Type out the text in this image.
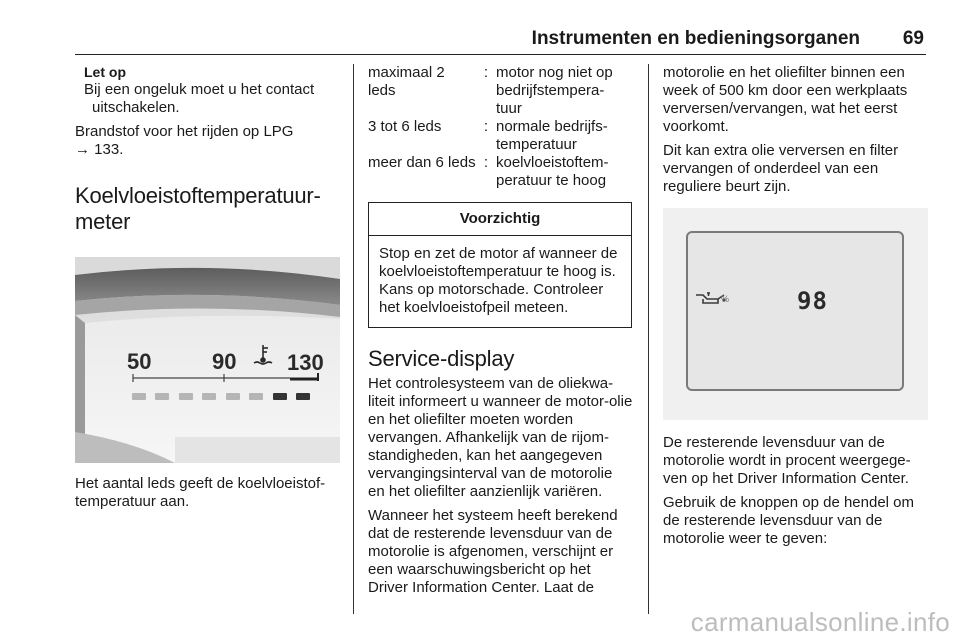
Instrumenten en bedieningsorganen 69
Let op
Bij een ongeluk moet u het contact
uitschakelen.

Brandstof voor het rijden op LPG

→ 133.

Koelvloeistoftemperatuur-
meter
50	90 130

Het aantal leds geeft de koelvloeistof-

temperatuur aan.

maximaal 2 leds	:	motor nog niet op
bedrijfstempera-
tuur

3 tot 6 leds	:	normale bedrijfs-
temperatuur

meer dan 6 leds	:	koelvloeistoftem-
peratuur te hoog
Voorzichtig
Stop en zet de motor af wanneer de koelvloeistoftemperatuur te hoog is. Kans op motorschade. Controleer het koelvloeistofpeil meteen.
Service-display

Het controlesysteem van de oliekwa-liteit informeert u wanneer de motor-olie en het oliefilter moeten worden vervangen. Afhankelijk van de rijom-standigheden, kan het aangegeven vervangingsinterval van de motorolie en het oliefilter aanzienlijk variëren.

Wanneer het systeem heeft berekend dat de resterende levensduur van de motorolie is afgenomen, verschijnt er een waarschuwingsbericht op het Driver Information Center. Laat de

motorolie en het oliefilter binnen een week of 500 km door een werkplaats verversen/vervangen, wat het eerst voorkomt.

Dit kan extra olie verversen en filter vervangen of onderdeel van een reguliere beurt zijn.

%	98

De resterende levensduur van de motorolie wordt in procent weergege-ven op het Driver Information Center.

Gebruik de knoppen op de hendel om de resterende levensduur van de motorolie weer te geven:

carmanualsonline.info
